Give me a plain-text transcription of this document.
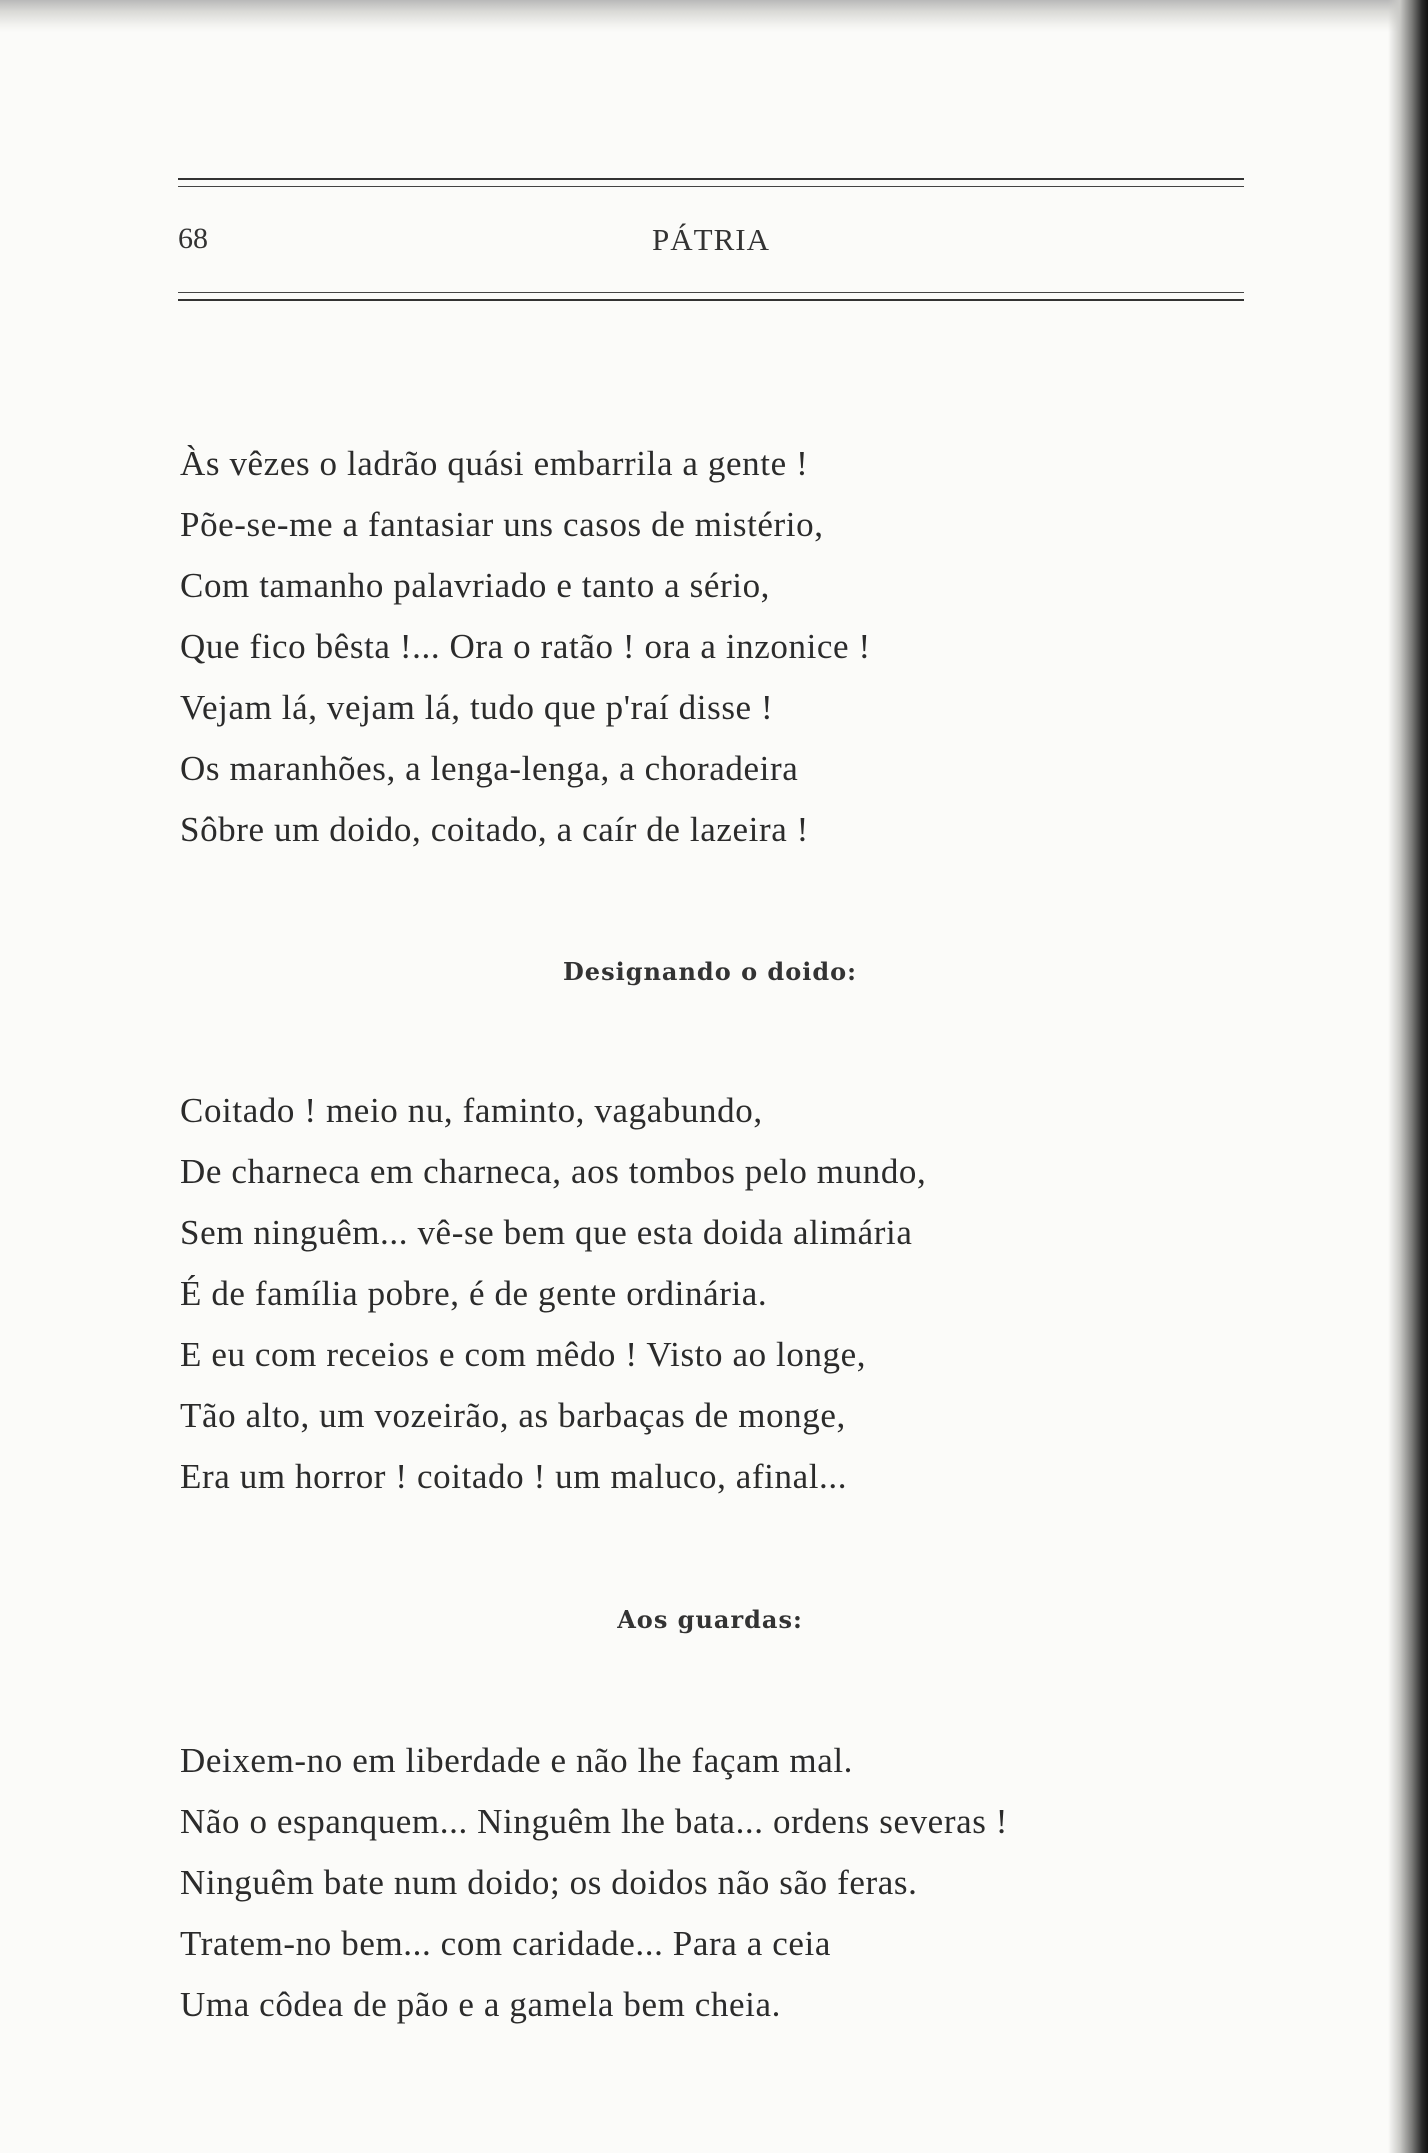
68	PÁTRIA
Às vêzes o ladrão quási embarrila a gente !
Põe-se-me a fantasiar uns casos de mistério,
Com tamanho palavriado e tanto a sério,
Que fico bêsta !... Ora o ratão ! ora a inzonice !
Vejam lá, vejam lá, tudo que p'raí disse !
Os maranhões, a lenga-lenga, a choradeira
Sôbre um doido, coitado, a caír de lazeira !
Designando o doido:
Coitado ! meio nu, faminto, vagabundo,
De charneca em charneca, aos tombos pelo mundo,
Sem ninguêm... vê-se bem que esta doida alimária
É de família pobre, é de gente ordinária.
E eu com receios e com mêdo ! Visto ao longe,
Tão alto, um vozeirão, as barbaças de monge,
Era um horror ! coitado ! um maluco, afinal...
Aos guardas:
Deixem-no em liberdade e não lhe façam mal.
Não o espanquem... Ninguêm lhe bata... ordens severas !
Ninguêm bate num doido; os doidos não são feras.
Tratem-no bem... com caridade... Para a ceia
Uma côdea de pão e a gamela bem cheia.
